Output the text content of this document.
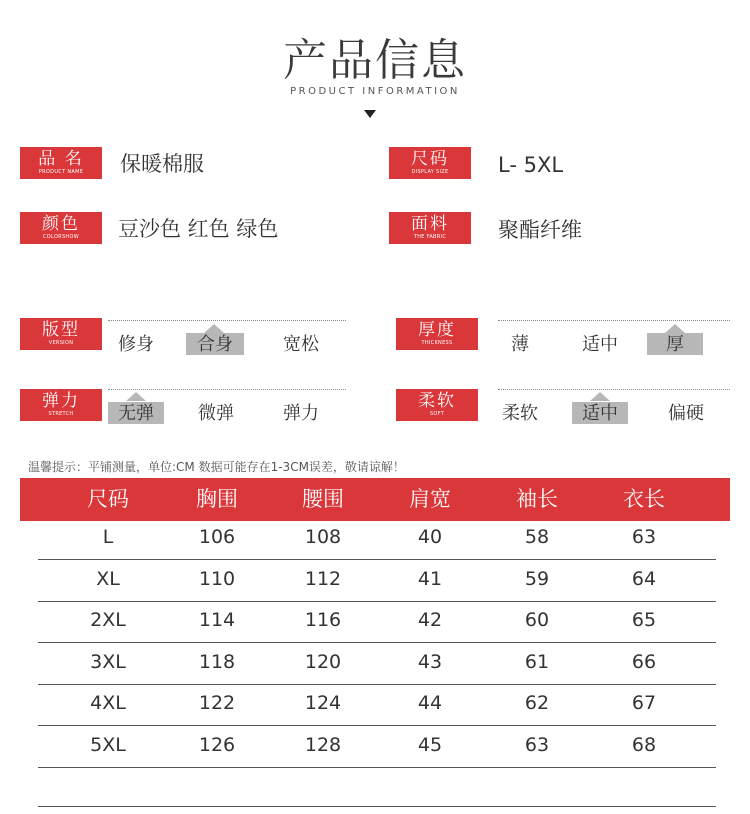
产品信息
PRODUCT INFORMATION
品 名
PRODUCT NAME	保暖棉服	尺码
DISPLAY SIZE	L- 5XL
颜色
COLORSHOW	豆沙色 红色 绿色	面料
THE FABRIC	聚酯纤维
版型
VERSION	修身	合身	宽松
厚度
THICKNESS	薄	适中	厚
弹力
STRETCH	无弹	微弹	弹力
柔软
SOFT	柔软	适中	偏硬
温馨提示：平铺测量，单位:CM 数据可能存在1-3CM误差，敬请谅解！
尺码	胸围	腰围	肩宽	袖长	衣长
L	106	108	40	58	63
XL	110	112	41	59	64
2XL	114	116	42	60	65
3XL	118	120	43	61	66
4XL	122	124	44	62	67
5XL	126	128	45	63	68
